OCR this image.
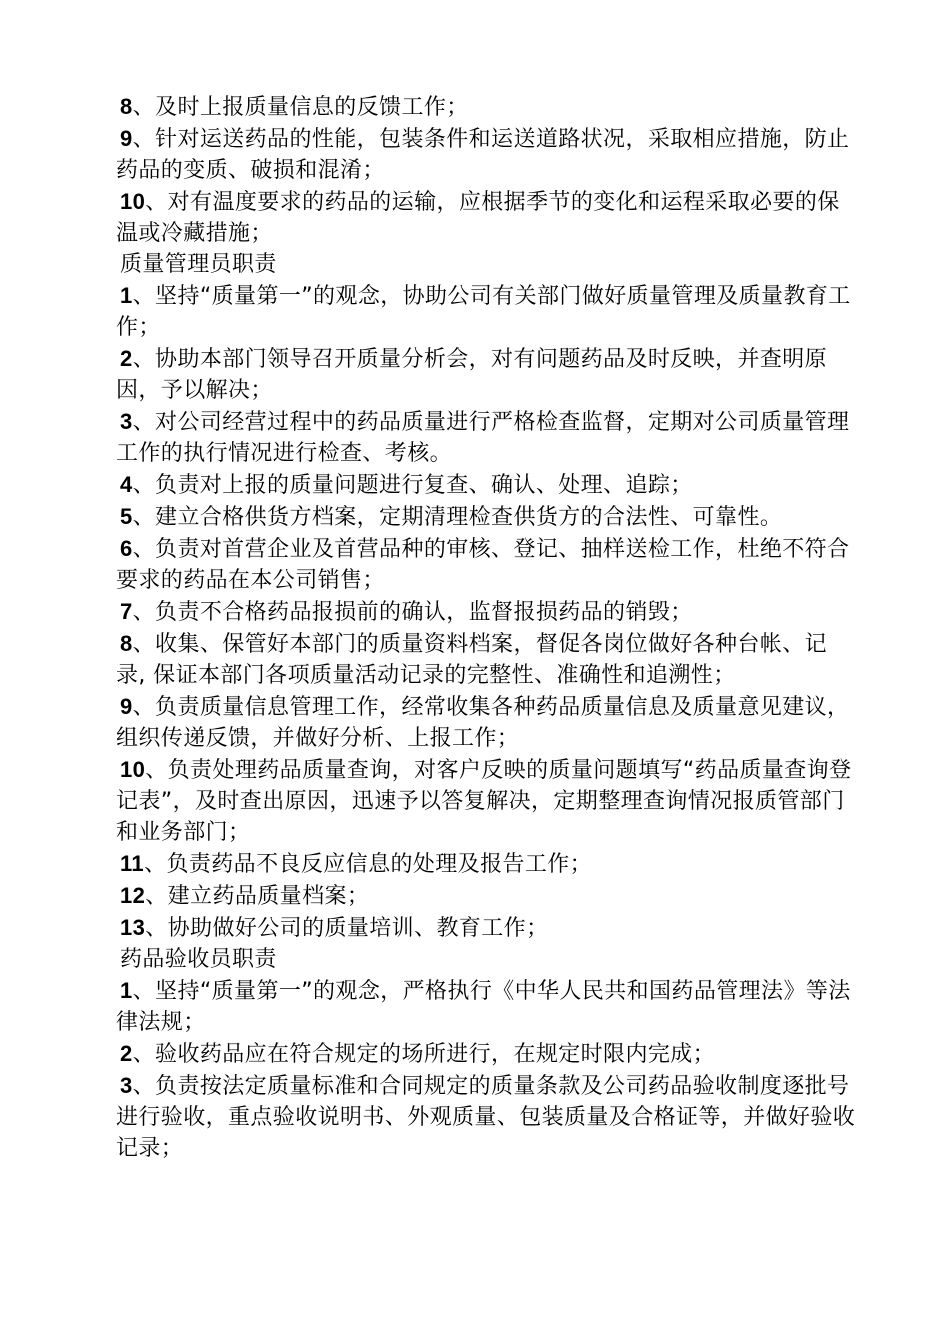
8、及时上报质量信息的反馈工作；

9、针对运送药品的性能，包装条件和运送道路状况，采取相应措施，防止药品的变质、破损和混淆；

10、对有温度要求的药品的运输，应根据季节的变化和运程采取必要的保温或冷藏措施；

质量管理员职责

1、坚持“质量第一”的观念，协助公司有关部门做好质量管理及质量教育工作；

2、协助本部门领导召开质量分析会，对有问题药品及时反映，并查明原因，予以解决；

3、对公司经营过程中的药品质量进行严格检查监督，定期对公司质量管理工作的执行情况进行检查、考核。

4、负责对上报的质量问题进行复查、确认、处理、追踪；

5、建立合格供货方档案，定期清理检查供货方的合法性、可靠性。

6、负责对首营企业及首营品种的审核、登记、抽样送检工作，杜绝不符合要求的药品在本公司销售；

7、负责不合格药品报损前的确认，监督报损药品的销毁；

8、收集、保管好本部门的质量资料档案，督促各岗位做好各种台帐、记录, 保证本部门各项质量活动记录的完整性、准确性和追溯性；

9、负责质量信息管理工作，经常收集各种药品质量信息及质量意见建议，组织传递反馈，并做好分析、上报工作；

10、负责处理药品质量查询，对客户反映的质量问题填写“药品质量查询登记表”，及时查出原因，迅速予以答复解决，定期整理查询情况报质管部门和业务部门；

11、负责药品不良反应信息的处理及报告工作；

12、建立药品质量档案；

13、协助做好公司的质量培训、教育工作；

药品验收员职责

1、坚持“质量第一”的观念，严格执行《中华人民共和国药品管理法》等法律法规；

2、验收药品应在符合规定的场所进行，在规定时限内完成；

3、负责按法定质量标准和合同规定的质量条款及公司药品验收制度逐批号进行验收，重点验收说明书、外观质量、包装质量及合格证等，并做好验收记录；
